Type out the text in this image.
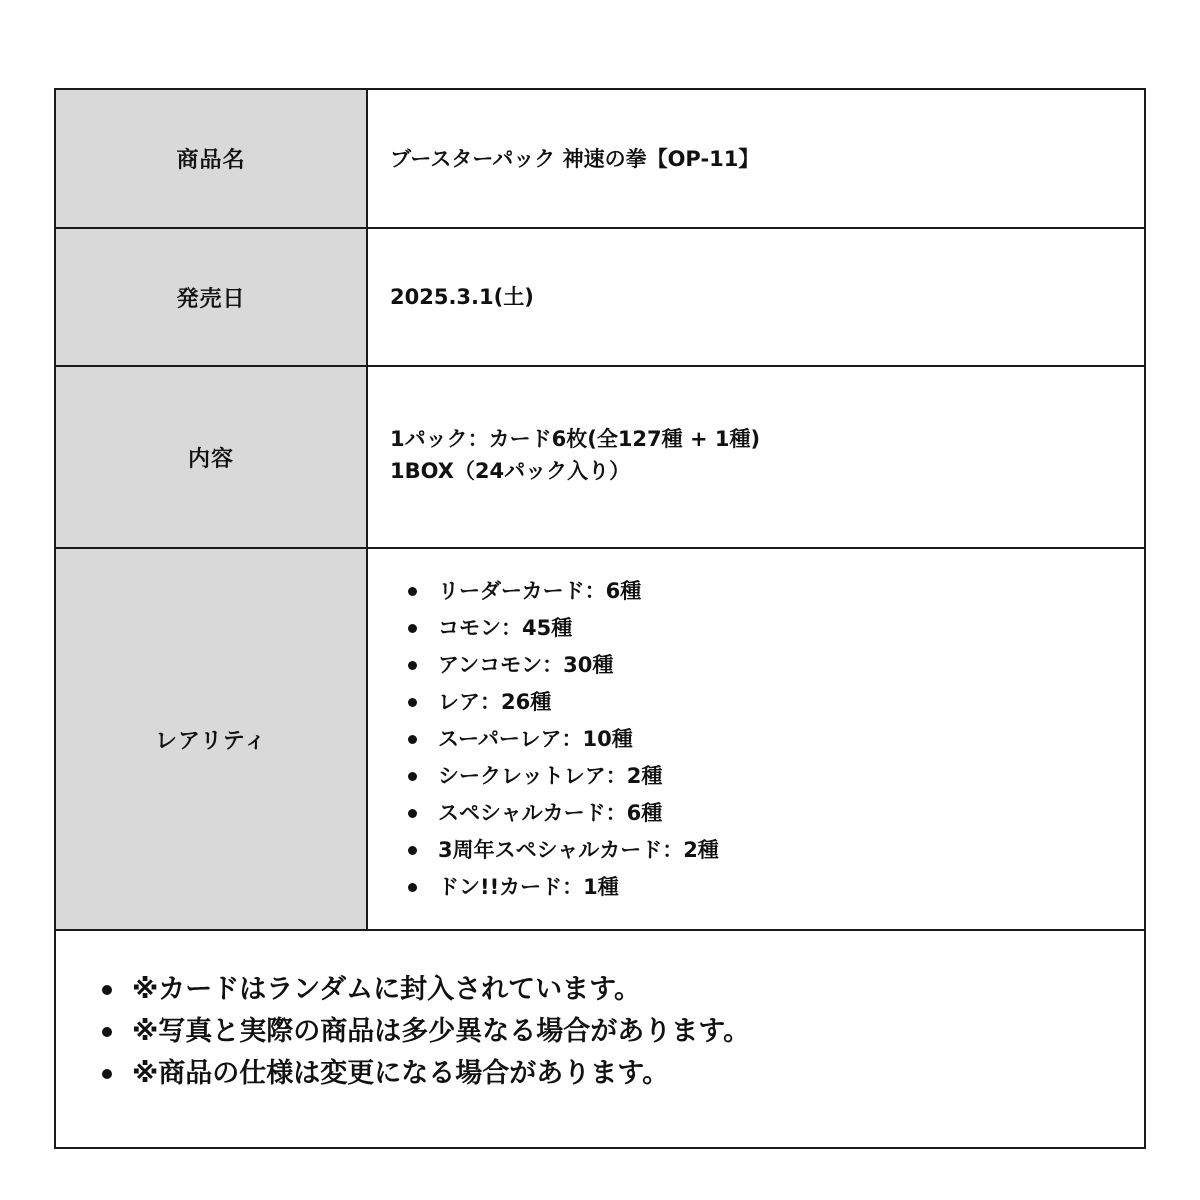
商品名	ブースターパック 神速の拳【OP-11】
発売日	2025.3.1(土)
内容
1パック：カード6枚(全127種 + 1種)
1BOX（24パック入り）
レアリティ
リーダーカード：6種
コモン：45種
アンコモン：30種
レア：26種
スーパーレア：10種
シークレットレア：2種
スペシャルカード：6種
3周年スペシャルカード：2種
ドン!!カード：1種
※カードはランダムに封入されています。
※写真と実際の商品は多少異なる場合があります。
※商品の仕様は変更になる場合があります。
